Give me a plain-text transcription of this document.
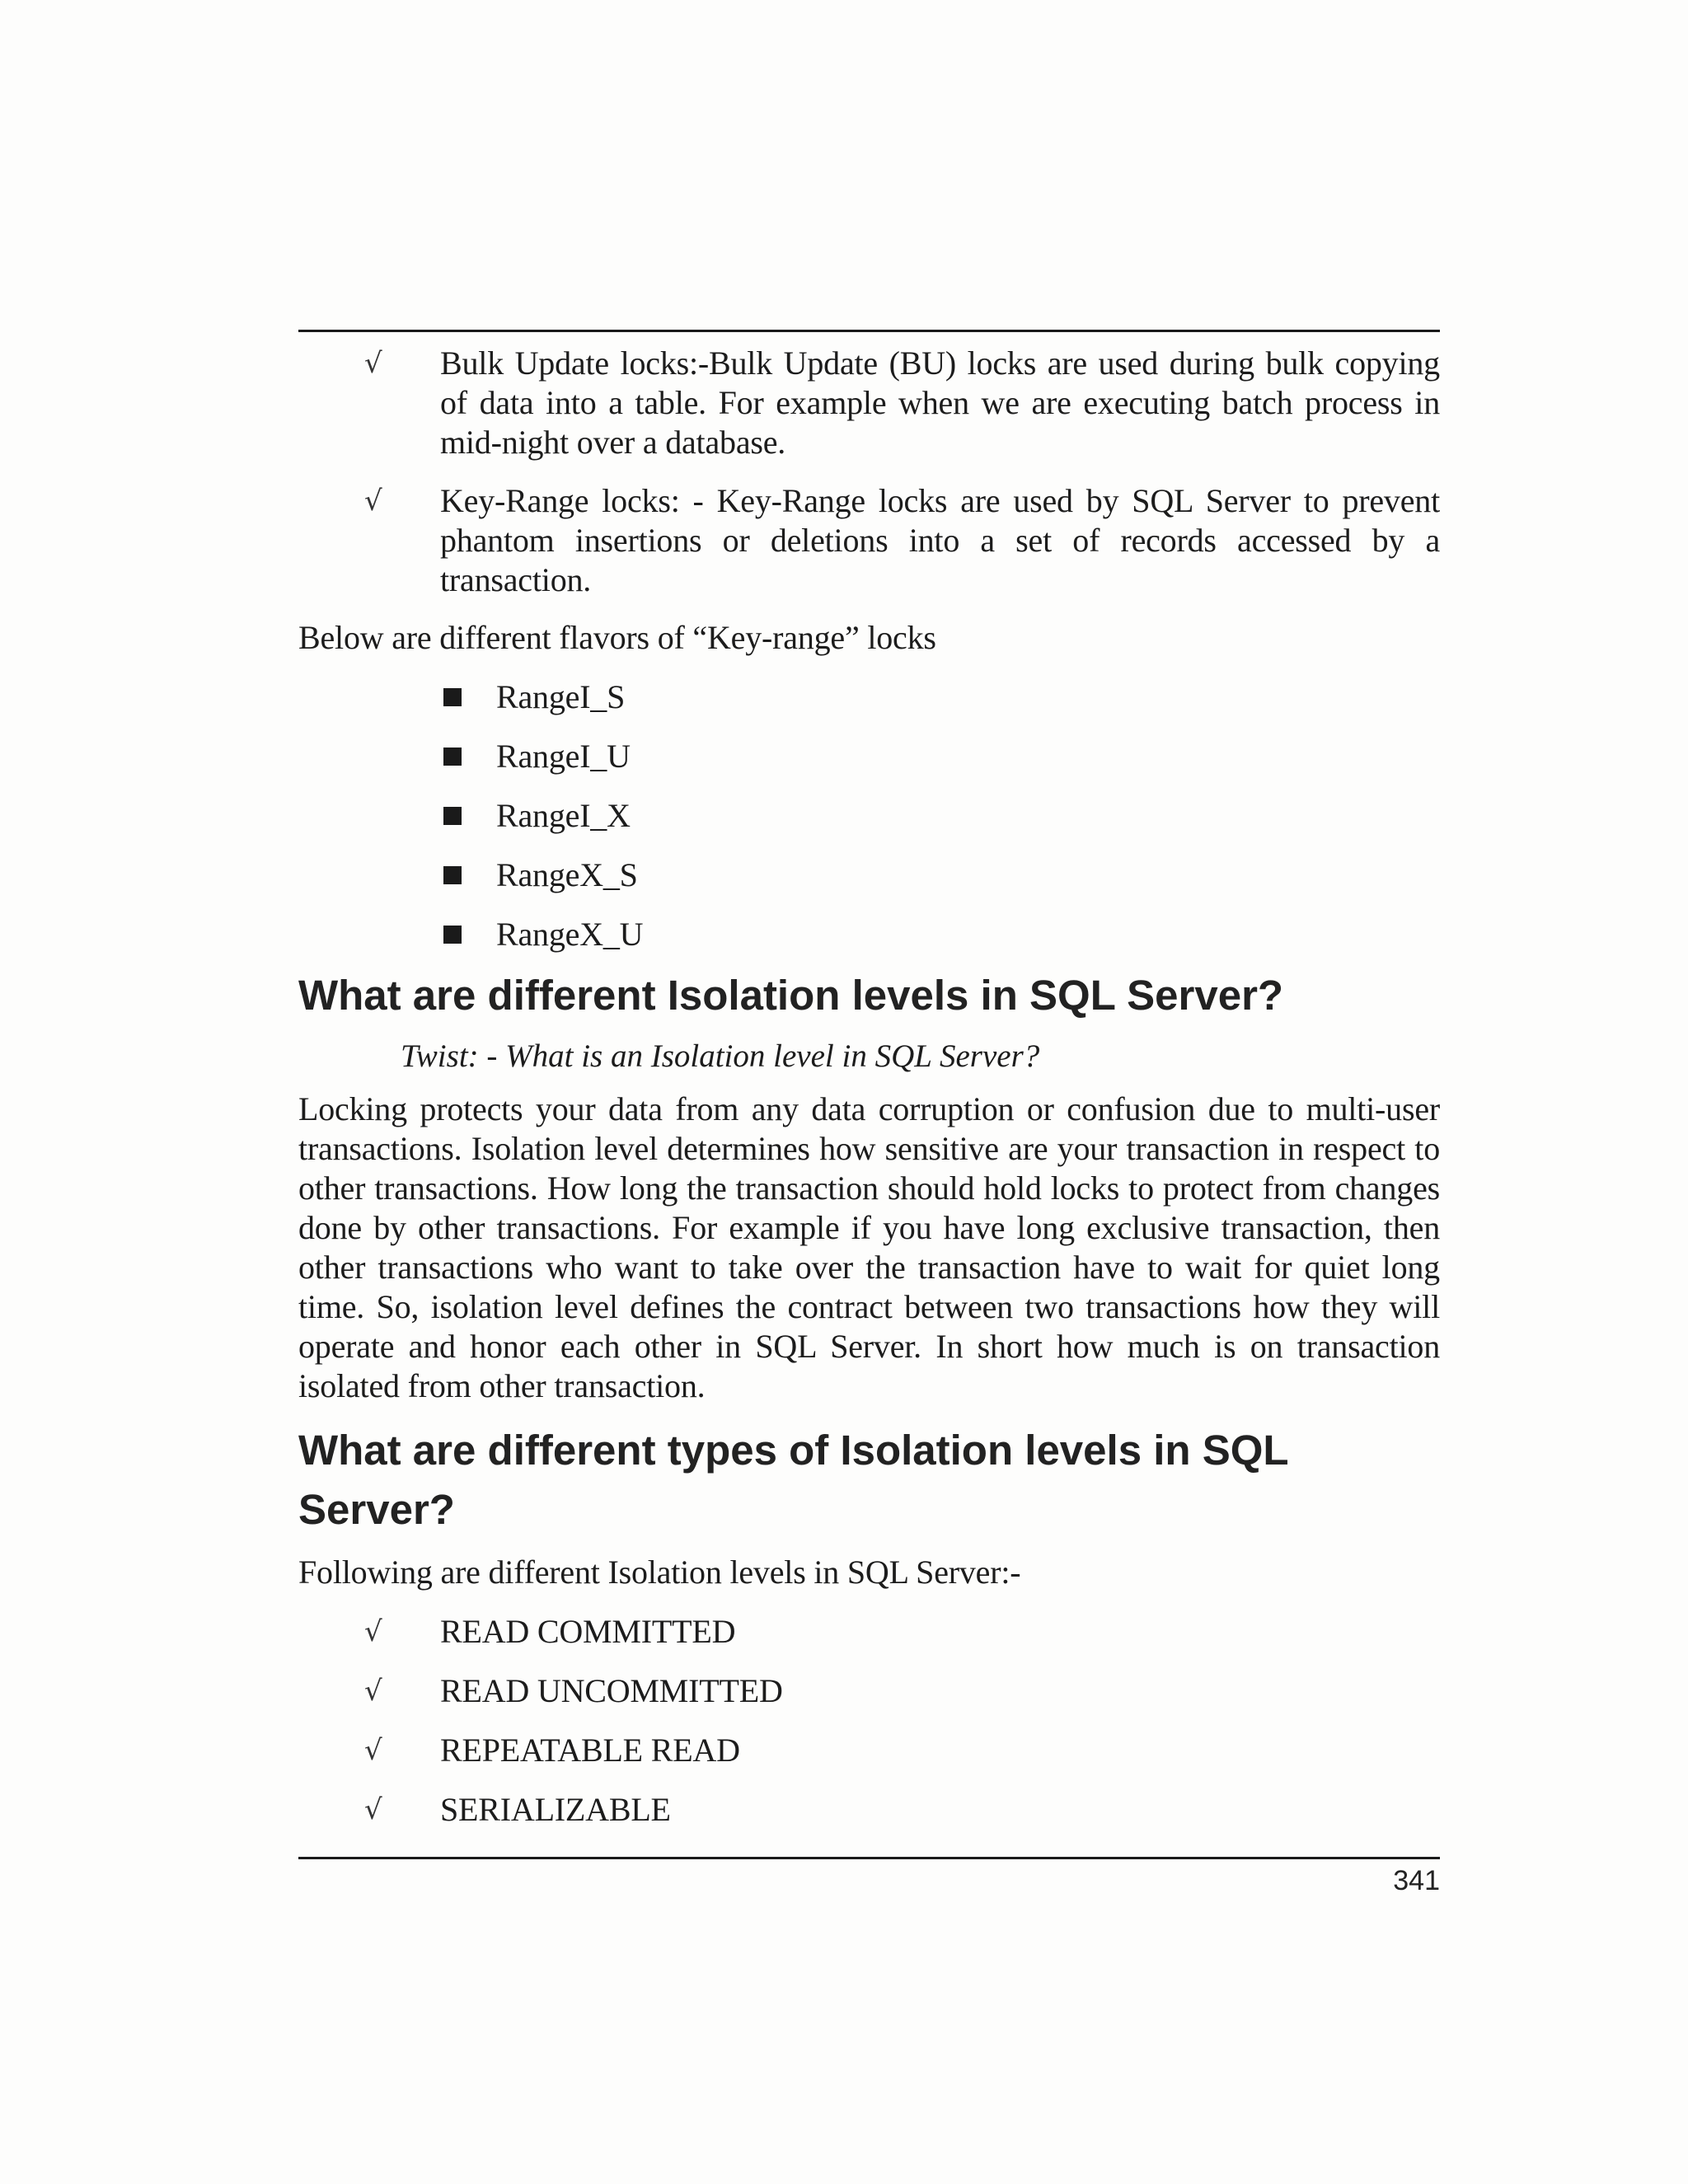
√ Bulk Update locks:-Bulk Update (BU) locks are used during bulk copying of data into a table. For example when we are executing batch process in mid-night over a database.
√ Key-Range locks: - Key-Range locks are used by SQL Server to prevent phantom insertions or deletions into a set of records accessed by a transaction.

Below are different flavors of “Key-range” locks

RangeI_S
RangeI_U
RangeI_X
RangeX_S
RangeX_U
What are different Isolation levels in SQL Server?

Twist: - What is an Isolation level in SQL Server?

Locking protects your data from any data corruption or confusion due to multi-user transactions. Isolation level determines how sensitive are your transaction in respect to other transactions. How long the transaction should hold locks to protect from changes done by other transactions. For example if you have long exclusive transaction, then other transactions who want to take over the transaction have to wait for quiet long time. So, isolation level defines the contract between two transactions how they will operate and honor each other in SQL Server. In short how much is on transaction isolated from other transaction.

What are different types of Isolation levels in SQL
Server?

Following are different Isolation levels in SQL Server:-

√ READ COMMITTED
√ READ UNCOMMITTED
√ REPEATABLE READ
√ SERIALIZABLE
341
